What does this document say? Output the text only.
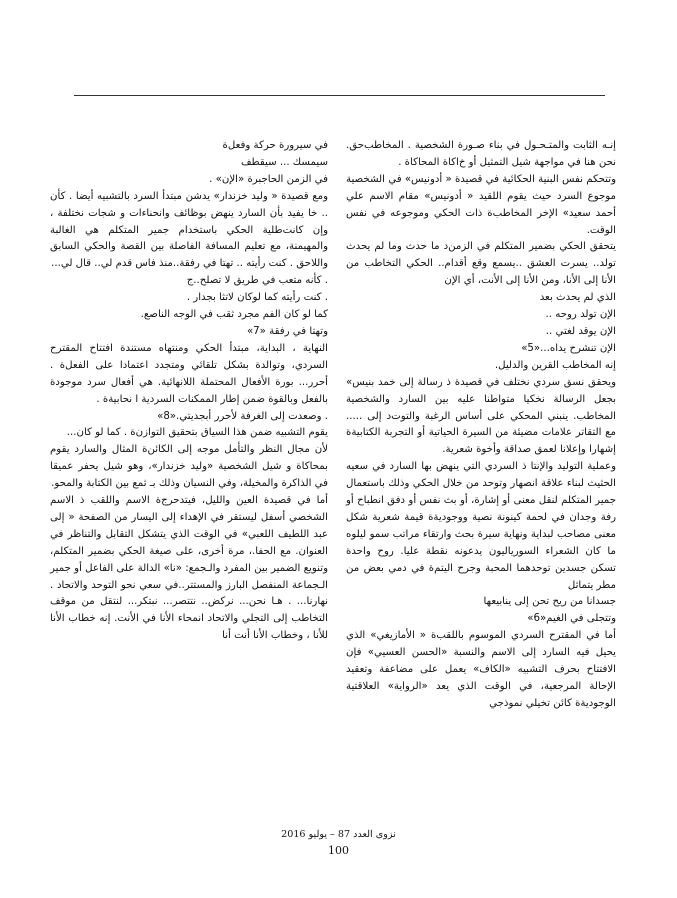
إنـه الثابت والمتـحـول في بناء صـورة الشخصية . المخاطب‌حق. نحن هنا في مواجهة شيل التمثيل أو خ‌اكاة المحاكاة .

وتتحكم نفس البنية الحكائية في قصيدة « أدونيس» في الشخصية موجوع السرد حيث يقوم اللقيد « أدونيس» مقام الاسم علي أحمد سعيد» الإخر المخاطب‌ة ذات الحكي وموجوعه في نفس الوقت.

يتحقق الحكي بضمير المتكلم في الزمن‌د ما حدث وما لم يحدث تولد.. يسرت العشق ..يسمع وقع أقدام.. الحكي التخاطب من الأنا إلى الأنا، ومن الأنا إلى الأنت، أي الإن

الذي لم يحدث بعد‌

الإن تولد روحه ..

الإن يوقد لغتي ..

الإن تنشرح يداه...«5»

إنه المخاطب القرين والدليل.

ويحقق نسق سردي نختلف في قصيدة ذ رسالة إلى ‌خمد بنيس» بجعل الرسالة نخكيا متواطنا عليه بين السارد والشخصية المخاطب. ينبني المحكي على أساس الرغبة والتوت‌د إلى ..... مع التقاتر علامات مضيئة من السيرة الحياتية أو التجربة الكتابية‌ة إشهارا وإعلانا لعمق صداقة وأخوة شعرية.

وعملية التوليد والإنتا ذ السردي التي ينهض بها السارد في سعيه الحثيث لبناء علاقة انصهار وتوحد من خلال الحكي وذلك باستعمال جمير المتكلم لنقل معنى أو إشارة، أو بث نفس أو دفق انطباح أو رفة وجدان في لحمة كينونة نصية ووجودية‌ة قيمة شعرية شكل معنى مصاحب لبداية ونهاية سيرة بحث وارتقاء مراتب سمو ليلوه ما كان الشعراء السورياليون يدعونه نقطة عليا. روح واحدة تسكن جسدين توحدهما المحبة وجرح اليتم‌ة في دمي بعض من مطر يتماثل

جسدانا من ريح تحن إلى ينابيعها

وتتجلى في الغيم«6»

أما في المقترح السردي الموسوم باللقب‌ة « الأمازيغي» الذي يحيل فيه السارد إلى الاسم والنسبة «الحسن العسيي» فإن الافتتاح بحرف التشبيه «الكاف» يعمل على مضاعفة وتعقيد الإحالة المرجعية، في الوقت الذي يعد «الرواية» العلاقتية الوجودية‌ة كائن تخيلي نموذجي

في سيرورة حركة وفعل‌ة

سيمسك ... سيقطف

في الزمن الحاجبرة «الإن» .

ومع قصيدة « وليد خزندار» يدشن مبتدأ السرد بالتشبيه أيضا . كأن .. خا يفيد بأن السارد ينهض بوظائف وانحناءات و شجات نختلفة ، وإن كانت‌طلية الحكي باستخدام جمير المتكلم هي الغالبة والمهيمنة، مع تعليم المسافة الفاصلة بين القصة والحكي السابق واللاحق . كنت رأيته .. تهتا في رفقة..منذ فاس قدم لي.. قال لي...

. كأنه متعب في طريق لا تصلح..ج

. كنت رأيته كما لوكان لاتثا بجدار .

كما لو كان الفم مجرد ثقب في الوجه الناصع.

وتهتا في رفقة «7»

النهاية ، البداية، مبتدأ الحكي ومنتهاه مستند‌ة افتتاح المقترح السردي، وتوالدة بشكل تلقائي ومتجدد اعتمادا على الفعل‌ة . أحرر... بورة الأفعال المحتملة اللانهائية. هي أفعال سرد موجودة بالفعل وبالقوة ضمن إطار الممكنات السردية ا نحابية‌ة .

. وصعدت إلى الغرفة لأحرر أبجديتي.«8»

يقوم التشبيه ضمن هذا السياق بتحقيق التوازن‌ة . كما لو كان...

لأن مجال النظر والتأمل موجه إلى الكائن‌ة المثال والسارد يقوم بمحاكاة و شيل الشخصية «وليد خزندار»، وهو شيل يحفر عميقا في الذاكرة والمخيلة، وفي النسيان وذلك بـ ثمع بين الكتابة والمحو.

أما في قصيدة العين والليل، فيتدحرج‌ة الاسم واللقب ذ الاسم الشخصي أسفل ليستقر في الإهداء إلى اليسار من الصفحة « إلى عبد اللطيف اللعبي» في الوقت الذي يتشكل التقابل والتناظر في العنوان. مع الحفا.، مرة أخرى، على صيغة الحكي بضمير المتكلم، وتنويع الضمير بين المفرد والـجمع: «نا» الدالة على الفاعل أو جمير الـجماعة المنفصل البارز والمستتر..في سعي نحو التوحد والاتحاد . نهارنا... . هـا نحن... نركض.. نتتصر... نبتكر... لنتقل من موقف التخاطب إلى التجلي والاتحاد انمحاء الأنا في الأنت. إنه خطاب الأنا للأنا ، وخطاب الأنا أنت أنا

نزوى العدد 87 – يوليو 2016
100
